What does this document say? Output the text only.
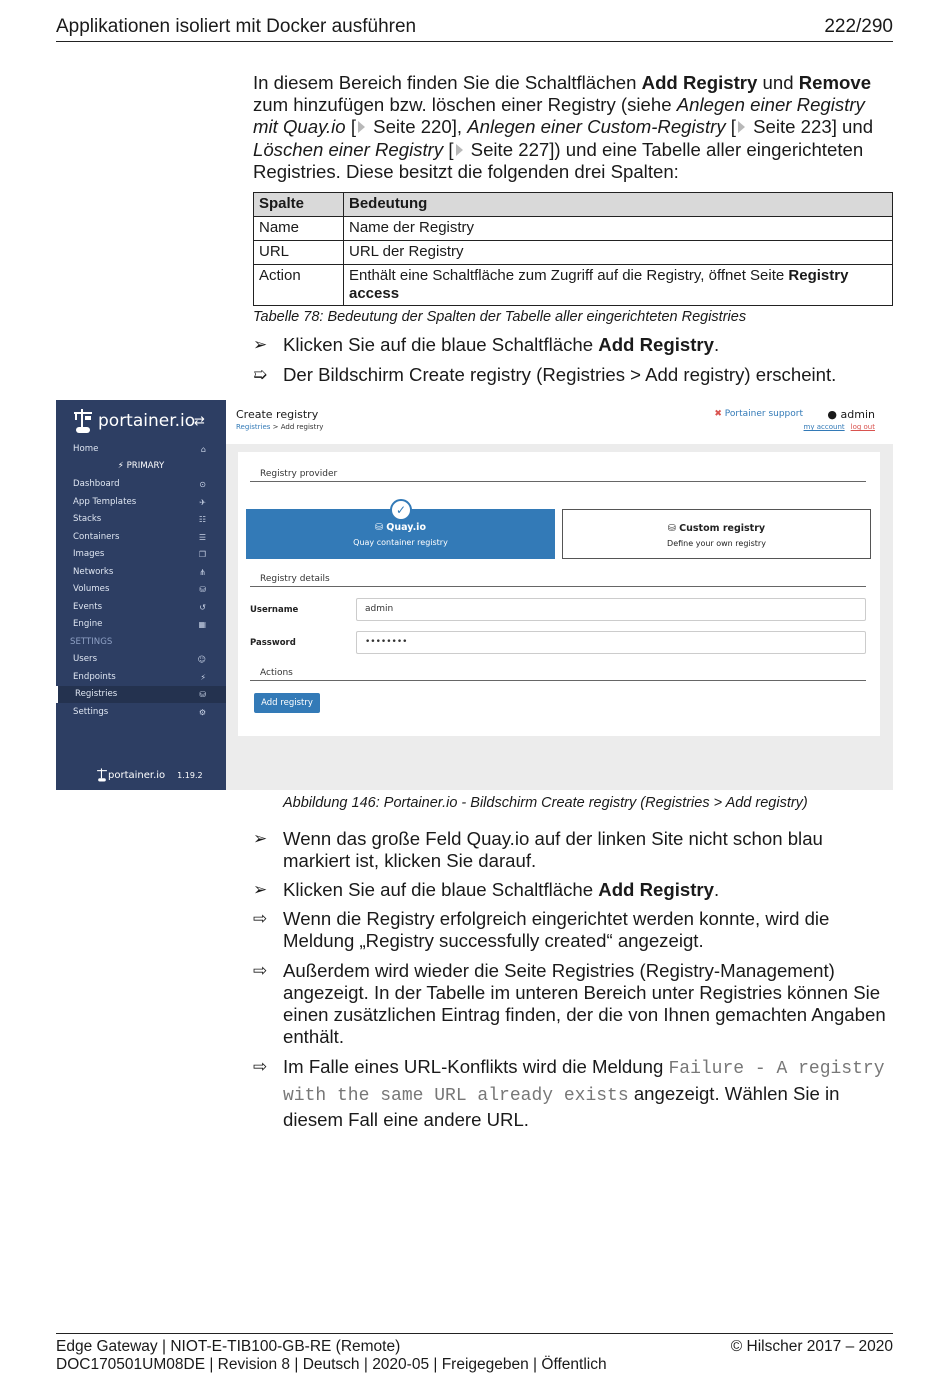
Applikationen isoliert mit Docker ausführen	222/290
In diesem Bereich finden Sie die Schaltflächen Add Registry und Remove zum hinzufügen bzw. löschen einer Registry (siehe Anlegen einer Registry mit Quay.io [ Seite 220], Anlegen einer Custom-Registry [ Seite 223] und Löschen einer Registry [ Seite 227]) und eine Tabelle aller eingerichteten Registries. Diese besitzt die folgenden drei Spalten:
Spalte	Bedeutung
Name	Name der Registry
URL	URL der Registry
Action	Enthält eine Schaltfläche zum Zugriff auf die Registry, öffnet Seite Registry access
Tabelle 78: Bedeutung der Spalten der Tabelle aller eingerichteten Registries
➢ Klicken Sie auf die blaue Schaltfläche Add Registry.
➯ Der Bildschirm Create registry (Registries > Add registry) erscheint.
portainer.io
⇄
Home	⌂
⚡ PRIMARY
Dashboard	⊙
App Templates	✈
Stacks	☷
Containers	☰
Images	❐
Networks	⋔
Volumes	⛁
Events	↺
Engine	▦
SETTINGS
Users	☺
Endpoints	⚡
Registries	⛁
Settings	⚙
portainer.io 1.19.2
Create registry
Registries > Add registry
✖ Portainer support ● admin
my account log out
Registry provider
⛁ Quay.io
Quay container registry
✓
⛁ Custom registry
Define your own registry
Registry details
Username	admin
Password	••••••••
Actions
Add registry
Abbildung 146: Portainer.io - Bildschirm Create registry (Registries > Add registry)
➢ Wenn das große Feld Quay.io auf der linken Site nicht schon blau markiert ist, klicken Sie darauf.
➢ Klicken Sie auf die blaue Schaltfläche Add Registry.
⇨ Wenn die Registry erfolgreich eingerichtet werden konnte, wird die Meldung „Registry successfully created“ angezeigt.
⇨ Außerdem wird wieder die Seite Registries (Registry-Management) angezeigt. In der Tabelle im unteren Bereich unter Registries können Sie einen zusätzlichen Eintrag finden, der die von Ihnen gemachten Angaben enthält.
⇨ Im Falle eines URL-Konflikts wird die Meldung Failure - A registry with the same URL already exists angezeigt. Wählen Sie in diesem Fall eine andere URL.
Edge Gateway | NIOT-E-TIB100-GB-RE (Remote)
DOC170501UM08DE | Revision 8 | Deutsch | 2020-05 | Freigegeben | Öffentlich
© Hilscher 2017 – 2020
